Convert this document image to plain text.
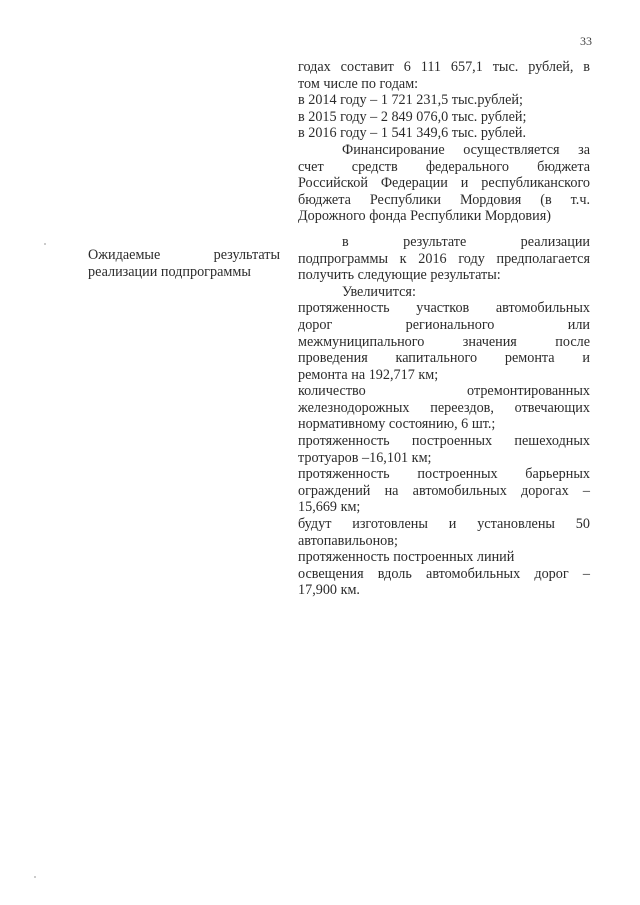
33
годах составит 6 111 657,1 тыс. рублей, в
том числе по годам:
в 2014 году – 1 721 231,5 тыс.рублей;
в 2015 году – 2 849 076,0 тыс. рублей;
в 2016 году – 1 541 349,6 тыс. рублей.
Финансирование осуществляется за
счет средств федерального бюджета
Российской Федерации и республиканского
бюджета Республики Мордовия (в т.ч.
Дорожного фонда Республики Мордовия)
в результате реализации
подпрограммы к 2016 году предполагается
получить следующие результаты:
Увеличится:
протяженность участков автомобильных
дорог регионального или
межмуниципального значения после
проведения капитального ремонта и
ремонта на 192,717 км;
количество отремонтированных
железнодорожных переездов, отвечающих
нормативному состоянию, 6 шт.;
протяженность построенных пешеходных
тротуаров –16,101 км;
протяженность построенных барьерных
ограждений на автомобильных дорогах –
15,669 км;
будут изготовлены и установлены 50
автопавильонов;
протяженность построенных линий
освещения вдоль автомобильных дорог –
17,900 км.
Ожидаемые результаты
реализации подпрограммы
